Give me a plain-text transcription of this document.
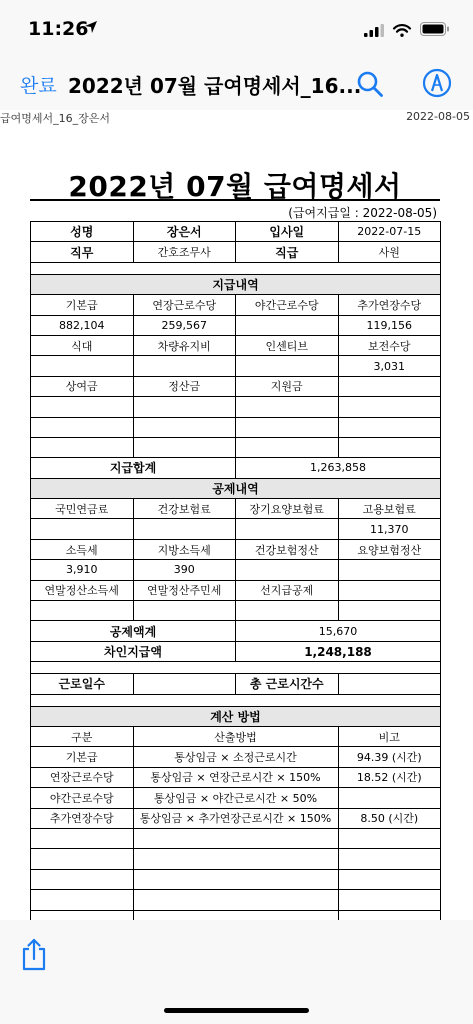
11:26
완료 2022년 07월 급여명세서_16...
급여명세서_16_장은서	2022-08-05
2022년 07월 급여명세서
(급여지급일 : 2022-08-05)
성명	장은서	입사일	2022-07-15
직무	간호조무사	직급	사원

지급내역			
기본급	연장근로수당	야간근로수당	추가연장수당
882,104	259,567		119,156
식대	차량유지비	인센티브	보전수당
			3,031
상여금	정산금	지원금	

지급합계		1,263,858	
공제내역			
국민연금료	건강보험료	장기요양보험료	고용보험료
			11,370
소득세	지방소득세	건강보험정산	요양보험정산
3,910	390		
연말정산소득세	연말정산주민세	선지급공제	

공제액계		15,670	
차인지급액		1,248,188	

근로일수		총 근로시간수	

계산 방법			
구분	산출방법		비고
기본급	통상임금 × 소정근로시간		94.39 (시간)
연장근로수당	통상임금 × 연장근로시간 × 150%		18.52 (시간)
야간근로수당	통상임금 × 야간근로시간 × 50%		
추가연장수당	통상임금 × 추가연장근로시간 × 150%		8.50 (시간)
